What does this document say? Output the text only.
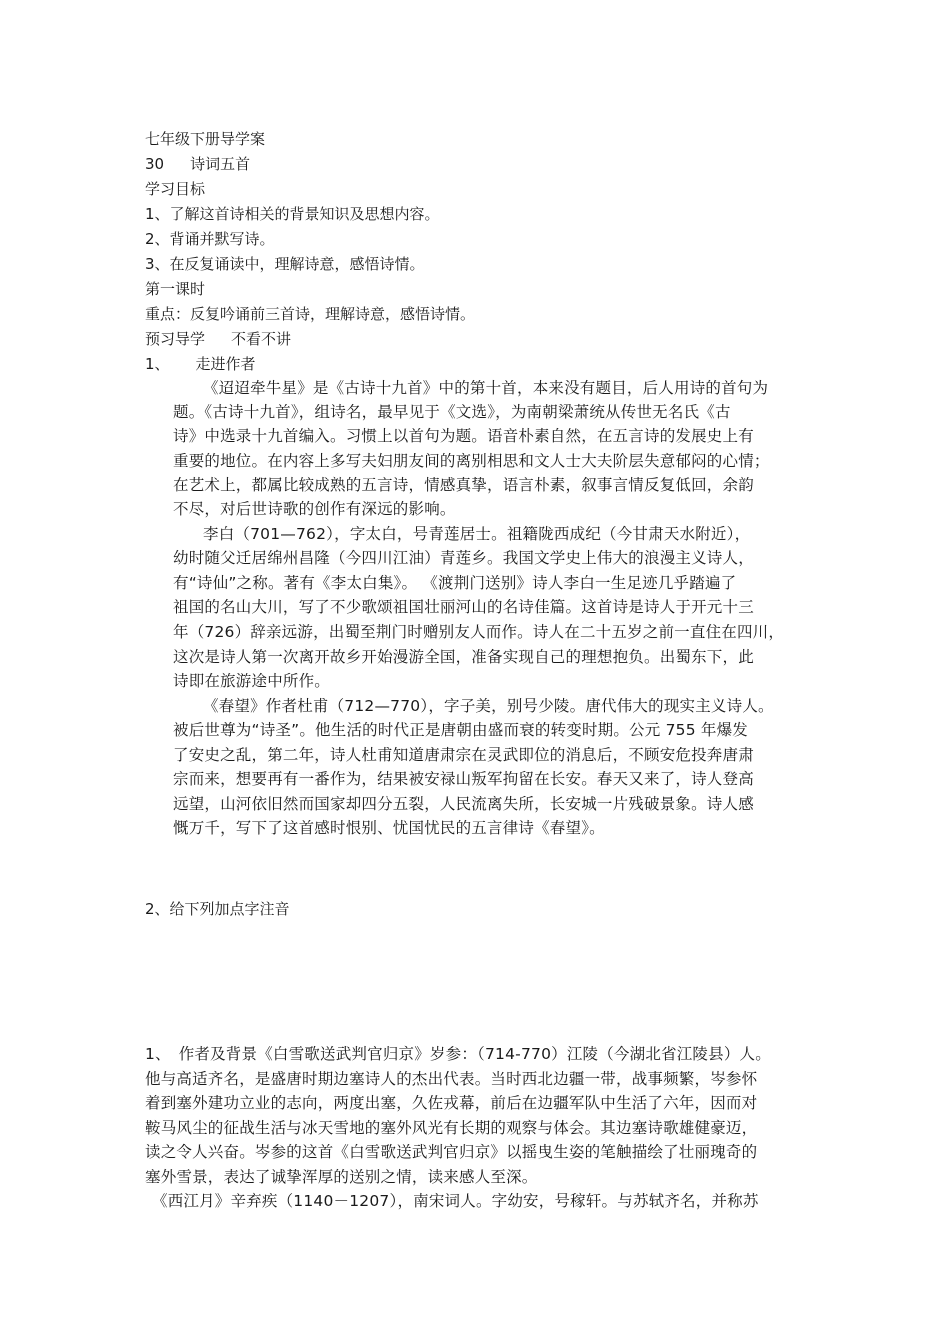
七年级下册导学案
30 诗词五首
学习目标
1、了解这首诗相关的背景知识及思想内容。
2、背诵并默写诗。
3、在反复诵读中，理解诗意，感悟诗情。
第一课时
重点：反复吟诵前三首诗，理解诗意，感悟诗情。
预习导学 不看不讲
1、 走进作者
《迢迢牵牛星》是《古诗十九首》中的第十首，本来没有题目，后人用诗的首句为
题。《古诗十九首》，组诗名，最早见于《文选》，为南朝梁萧统从传世无名氏《古
诗》中选录十九首编入。习惯上以首句为题。语音朴素自然，在五言诗的发展史上有
重要的地位。在内容上多写夫妇朋友间的离别相思和文人士大夫阶层失意郁闷的心情；
在艺术上，都属比较成熟的五言诗，情感真挚，语言朴素，叙事言情反复低回，余韵
不尽，对后世诗歌的创作有深远的影响。
李白（701—762），字太白，号青莲居士。祖籍陇西成纪（今甘肃天水附近），
幼时随父迁居绵州昌隆（今四川江油）青莲乡。我国文学史上伟大的浪漫主义诗人，
有“诗仙”之称。著有《李太白集》。 《渡荆门送别》诗人李白一生足迹几乎踏遍了
祖国的名山大川，写了不少歌颂祖国壮丽河山的名诗佳篇。这首诗是诗人于开元十三
年（726）辞亲远游，出蜀至荆门时赠别友人而作。诗人在二十五岁之前一直住在四川，
这次是诗人第一次离开故乡开始漫游全国，准备实现自己的理想抱负。出蜀东下，此
诗即在旅游途中所作。
《春望》作者杜甫（712—770），字子美，别号少陵。唐代伟大的现实主义诗人。
被后世尊为“诗圣”。他生活的时代正是唐朝由盛而衰的转变时期。公元 755 年爆发
了安史之乱，第二年，诗人杜甫知道唐肃宗在灵武即位的消息后，不顾安危投奔唐肃
宗而来，想要再有一番作为，结果被安禄山叛军拘留在长安。春天又来了，诗人登高
远望，山河依旧然而国家却四分五裂，人民流离失所，长安城一片残破景象。诗人感
慨万千，写下了这首感时恨别、忧国忧民的五言律诗《春望》。
2、给下列加点字注音
1、　作者及背景《白雪歌送武判官归京》岁参：（714-770）江陵（今湖北省江陵县）人。
他与高适齐名，是盛唐时期边塞诗人的杰出代表。当时西北边疆一带，战事频繁，岑参怀
着到塞外建功立业的志向，两度出塞，久佐戎幕，前后在边疆军队中生活了六年，因而对
鞍马风尘的征战生活与冰天雪地的塞外风光有长期的观察与体会。其边塞诗歌雄健豪迈，
读之令人兴奋。岑参的这首《白雪歌送武判官归京》以摇曳生姿的笔触描绘了壮丽瑰奇的
塞外雪景，表达了诚挚浑厚的送别之情，读来感人至深。
《西江月》辛弃疾（1140－1207），南宋词人。字幼安，号稼轩。与苏轼齐名，并称苏
